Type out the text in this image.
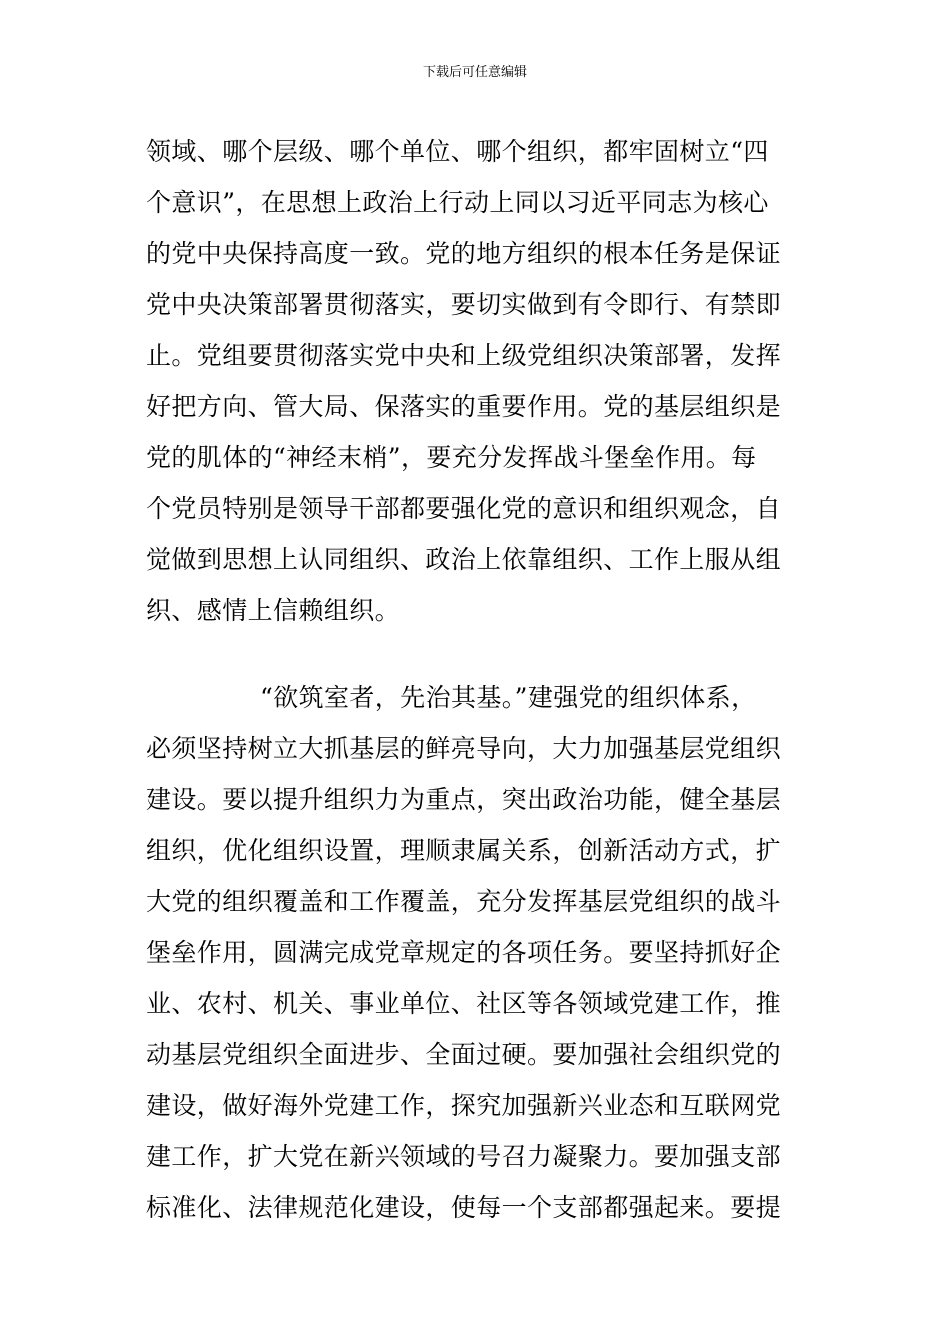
下载后可任意编辑
领域、哪个层级、哪个单位、哪个组织，都牢固树立“四
个意识”，在思想上政治上行动上同以习近平同志为核心
的党中央保持高度一致。党的地方组织的根本任务是保证
党中央决策部署贯彻落实，要切实做到有令即行、有禁即
止。党组要贯彻落实党中央和上级党组织决策部署，发挥
好把方向、管大局、保落实的重要作用。党的基层组织是
党的肌体的“神经末梢”，要充分发挥战斗堡垒作用。每
个党员特别是领导干部都要强化党的意识和组织观念，自
觉做到思想上认同组织、政治上依靠组织、工作上服从组
织、感情上信赖组织。
“欲筑室者，先治其基。”建强党的组织体系，
必须坚持树立大抓基层的鲜亮导向，大力加强基层党组织
建设。要以提升组织力为重点，突出政治功能，健全基层
组织，优化组织设置，理顺隶属关系，创新活动方式，扩
大党的组织覆盖和工作覆盖，充分发挥基层党组织的战斗
堡垒作用，圆满完成党章规定的各项任务。要坚持抓好企
业、农村、机关、事业单位、社区等各领域党建工作，推
动基层党组织全面进步、全面过硬。要加强社会组织党的
建设，做好海外党建工作，探究加强新兴业态和互联网党
建工作，扩大党在新兴领域的号召力凝聚力。要加强支部
标准化、法律规范化建设，使每一个支部都强起来。要提
